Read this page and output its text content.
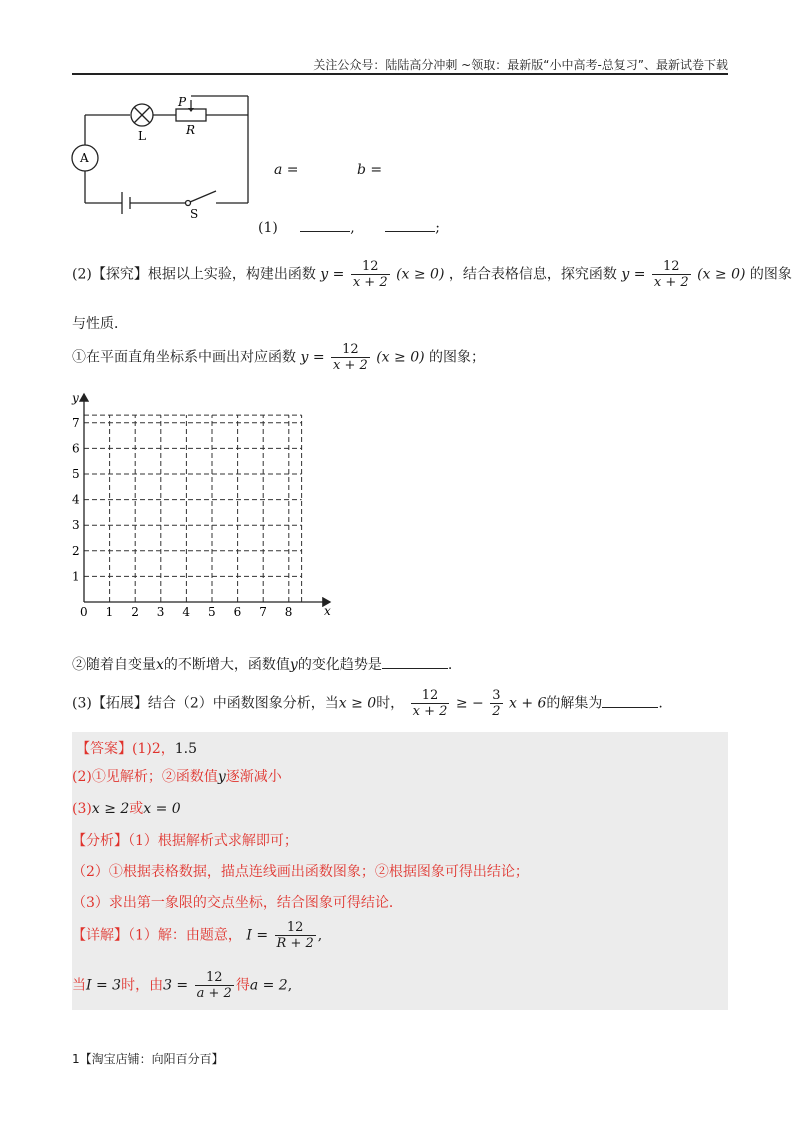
关注公众号：陆陆高分冲刺 ~领取：最新版“小中高考-总复习”、最新试卷下载
P
R
L
A
S
a =	b =
(1)	,	;
(2)【探究】根据以上实验，构建出函数 $y = \frac{12}{x + 2} (x \ge 0)$ ，结合表格信息，探究函数 $y = \frac{12}{x + 2} (x \ge 0)$ 的图象
与性质．
①在平面直角坐标系中画出对应函数 $y = \frac{12}{x + 2} (x \ge 0)$ 的图象；
0 1 2 3 4 5 6 7 8
1
2
3
4
5
6
7
x
y
②随着自变量x的不断增大，函数值y的变化趋势是	.
(3)【拓展】结合（2）中函数图象分析，当x ≥ 0时， $\frac{12}{x + 2}$ ≥ − $\frac{3}{2}$ x + 6的解集为	.
【答案】(1)2，1.5
(2)①见解析；②函数值y逐渐减小
(3)x ≥ 2或x = 0
【分析】（1）根据解析式求解即可；
（2）①根据表格数据，描点连线画出函数图象；②根据图象可得出结论；
（3）求出第一象限的交点坐标，结合图象可得结论．
【详解】（1）解：由题意， $I = \frac{12}{R + 2}$ ,
当I = 3时，由$3 = \frac{12}{a + 2}$ 得a = 2,
1【淘宝店铺：向阳百分百】
